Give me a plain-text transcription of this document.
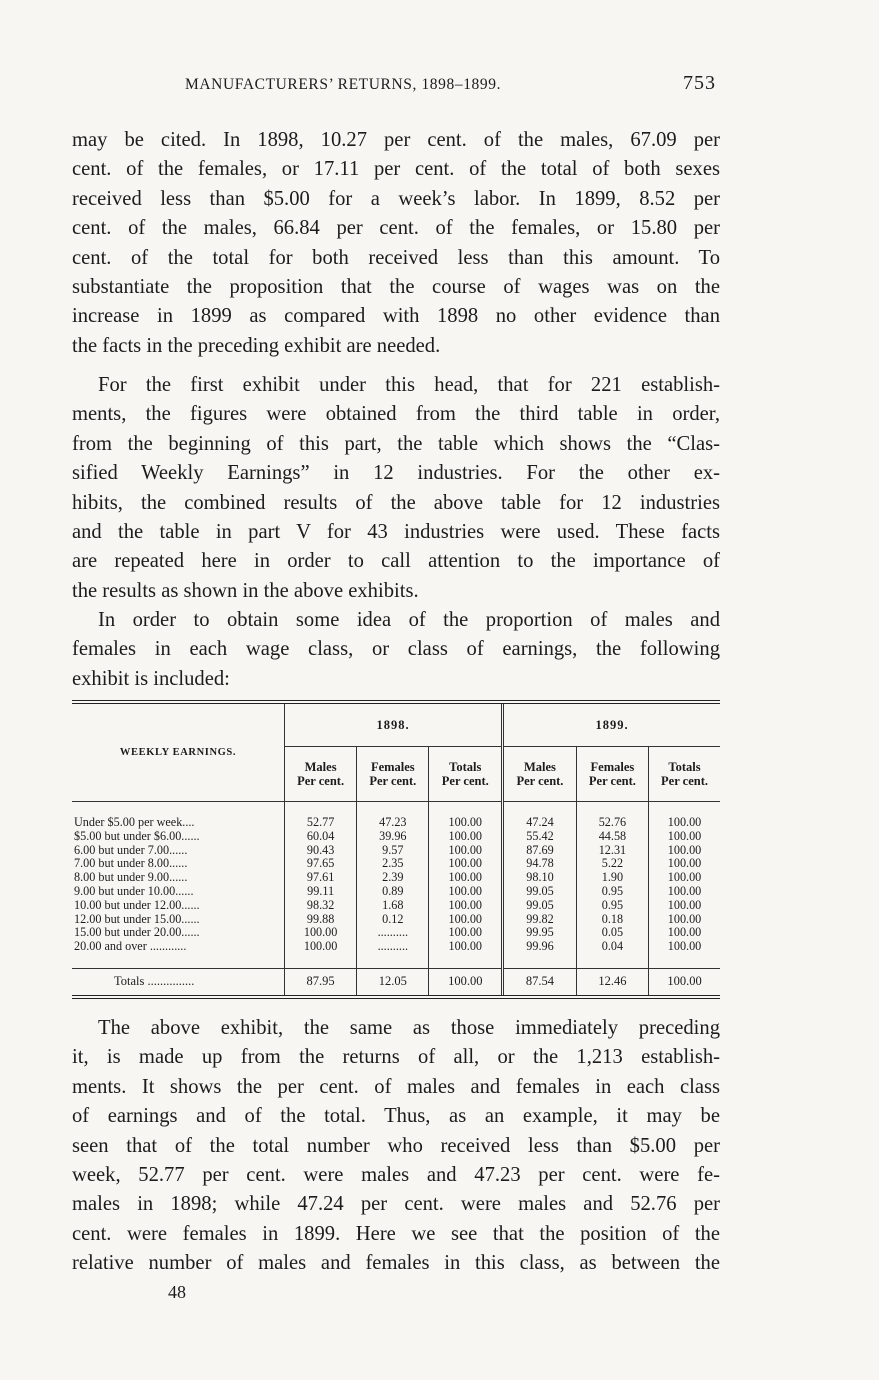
MANUFACTURERS’ RETURNS, 1898–1899.	753

may be cited. In 1898, 10.27 per cent. of the males, 67.09 per
cent. of the females, or 17.11 per cent. of the total of both sexes
received less than $5.00 for a week’s labor. In 1899, 8.52 per
cent. of the males, 66.84 per cent. of the females, or 15.80 per
cent. of the total for both received less than this amount. To
substantiate the proposition that the course of wages was on the
increase in 1899 as compared with 1898 no other evidence than
the facts in the preceding exhibit are needed.

For the first exhibit under this head, that for 221 establish-
ments, the figures were obtained from the third table in order,
from the beginning of this part, the table which shows the “Clas-
sified Weekly Earnings” in 12 industries. For the other ex-
hibits, the combined results of the above table for 12 industries
and the table in part V for 43 industries were used. These facts
are repeated here in order to call attention to the importance of
the results as shown in the above exhibits.

In order to obtain some idea of the proportion of males and
females in each wage class, or class of earnings, the following
exhibit is included:

WEEKLY EARNINGS.	1898.			1899.		
	Males
Per cent.	Females
Per cent.	Totals
Per cent.	Males
Per cent.	Females
Per cent.	Totals
Per cent.

Under $5.00 per week....	52.77	47.23	100.00	47.24	52.76	100.00
$5.00 but under $6.00......	60.04	39.96	100.00	55.42	44.58	100.00
6.00 but under 7.00......	90.43	9.57	100.00	87.69	12.31	100.00
7.00 but under 8.00......	97.65	2.35	100.00	94.78	5.22	100.00
8.00 but under 9.00......	97.61	2.39	100.00	98.10	1.90	100.00
9.00 but under 10.00......	99.11	0.89	100.00	99.05	0.95	100.00
10.00 but under 12.00......	98.32	1.68	100.00	99.05	0.95	100.00
12.00 but under 15.00......	99.88	0.12	100.00	99.82	0.18	100.00
15.00 but under 20.00......	100.00	..........	100.00	99.95	0.05	100.00
20.00 and over ............	100.00	..........	100.00	99.96	0.04	100.00

Totals ...............	87.95	12.05	100.00	87.54	12.46	100.00

The above exhibit, the same as those immediately preceding
it, is made up from the returns of all, or the 1,213 establish-
ments. It shows the per cent. of males and females in each class
of earnings and of the total. Thus, as an example, it may be
seen that of the total number who received less than $5.00 per
week, 52.77 per cent. were males and 47.23 per cent. were fe-
males in 1898; while 47.24 per cent. were males and 52.76 per
cent. were females in 1899. Here we see that the position of the
relative number of males and females in this class, as between the

48
